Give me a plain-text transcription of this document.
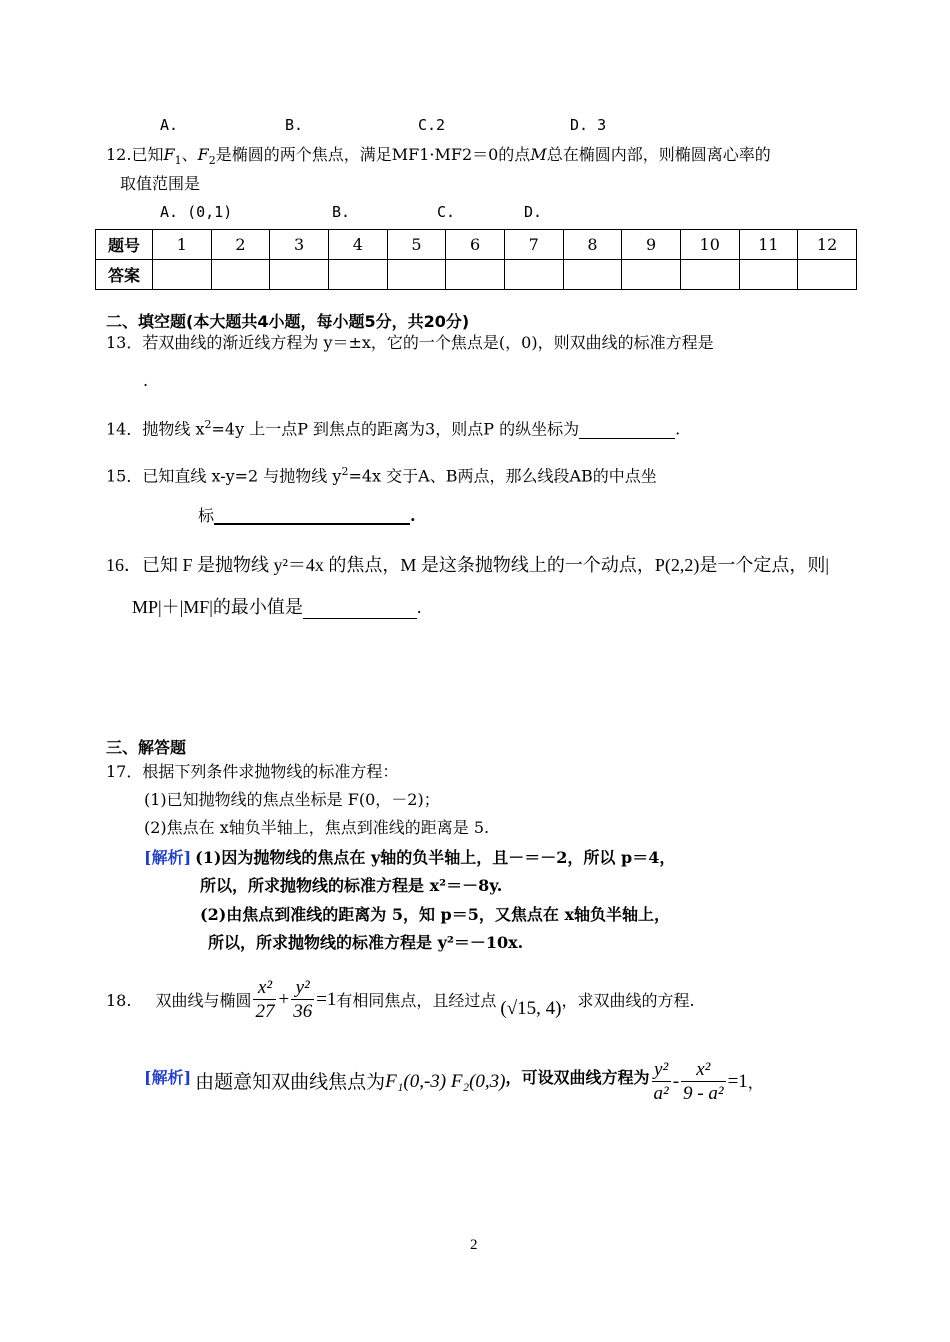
A.	B.	C.2	D. 3
12.已知$F_1$、$F_2$是椭圆的两个焦点，满足MF1·MF2＝0的点M总在椭圆内部，则椭圆离心率的
取值范围是
A. (0,1)	B.	C.	D.
题号	1	2	3	4	5	6	7	8	9	10	11	12
答案												
二、填空题(本大题共4小题，每小题5分，共20分)
13．若双曲线的渐近线方程为 y＝±x，它的一个焦点是(，0)，则双曲线的标准方程是
.
14．抛物线 $x^2=4y$ 上一点P 到焦点的距离为3，则点P 的纵坐标为	.
15．已知直线 x-y=2 与抛物线 $y^2=4x$ 交于A、B两点，那么线段AB的中点坐
标	.
16．已知 F 是抛物线 y²＝4x 的焦点，M 是这条抛物线上的一个动点，P(2,2)是一个定点，则|
MP|＋|MF|的最小值是	.
三、解答题
17．根据下列条件求抛物线的标准方程：
(1)已知抛物线的焦点坐标是 F(0，－2)；
(2)焦点在 x轴负半轴上，焦点到准线的距离是 5.
[解析] (1)因为抛物线的焦点在 y轴的负半轴上，且－＝－2，所以 p＝4，
所以，所求抛物线的标准方程是 x²＝－8y.
(2)由焦点到准线的距离为 5，知 p＝5，又焦点在 x轴负半轴上，
所以，所求抛物线的标准方程是 y²＝－10x.
18. 双曲线与椭圆 $\frac{\text{x²}}{27} + \frac{\text{y²}}{36} =1$ 有相同焦点，且经过点 (√15, 4) ，求双曲线的方程.
[解析] 由题意知双曲线焦点为 F₁(0,-3) F₂(0,3) ，可设双曲线方程为 $\frac{\text{y²}}{\text{a²}} - \frac{\text{x²}}{\text{9 - a²}} =1$ ，
2
